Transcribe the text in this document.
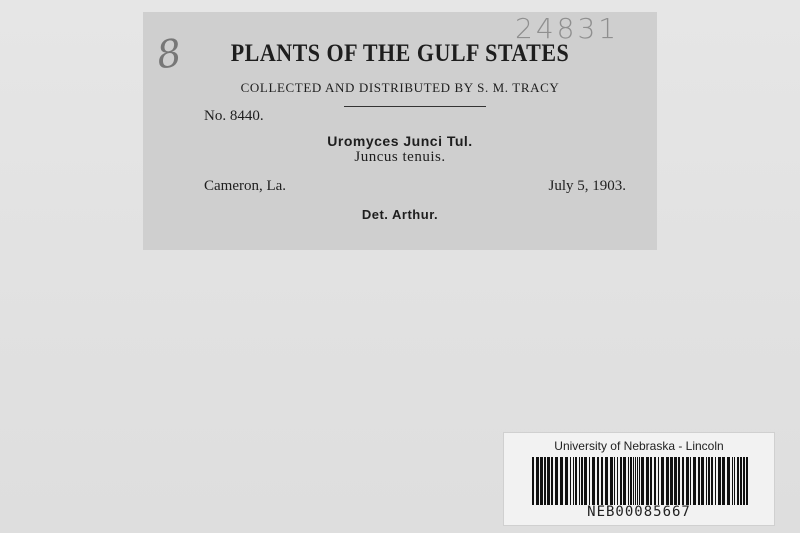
24831
8	PLANTS OF THE GULF STATES
COLLECTED AND DISTRIBUTED BY S. M. TRACY
No. 8440.
Uromyces Junci Tul.
Juncus tenuis.
Cameron, La.	July 5, 1903.
Det. Arthur.
University of Nebraska - Lincoln
NEB00085667
